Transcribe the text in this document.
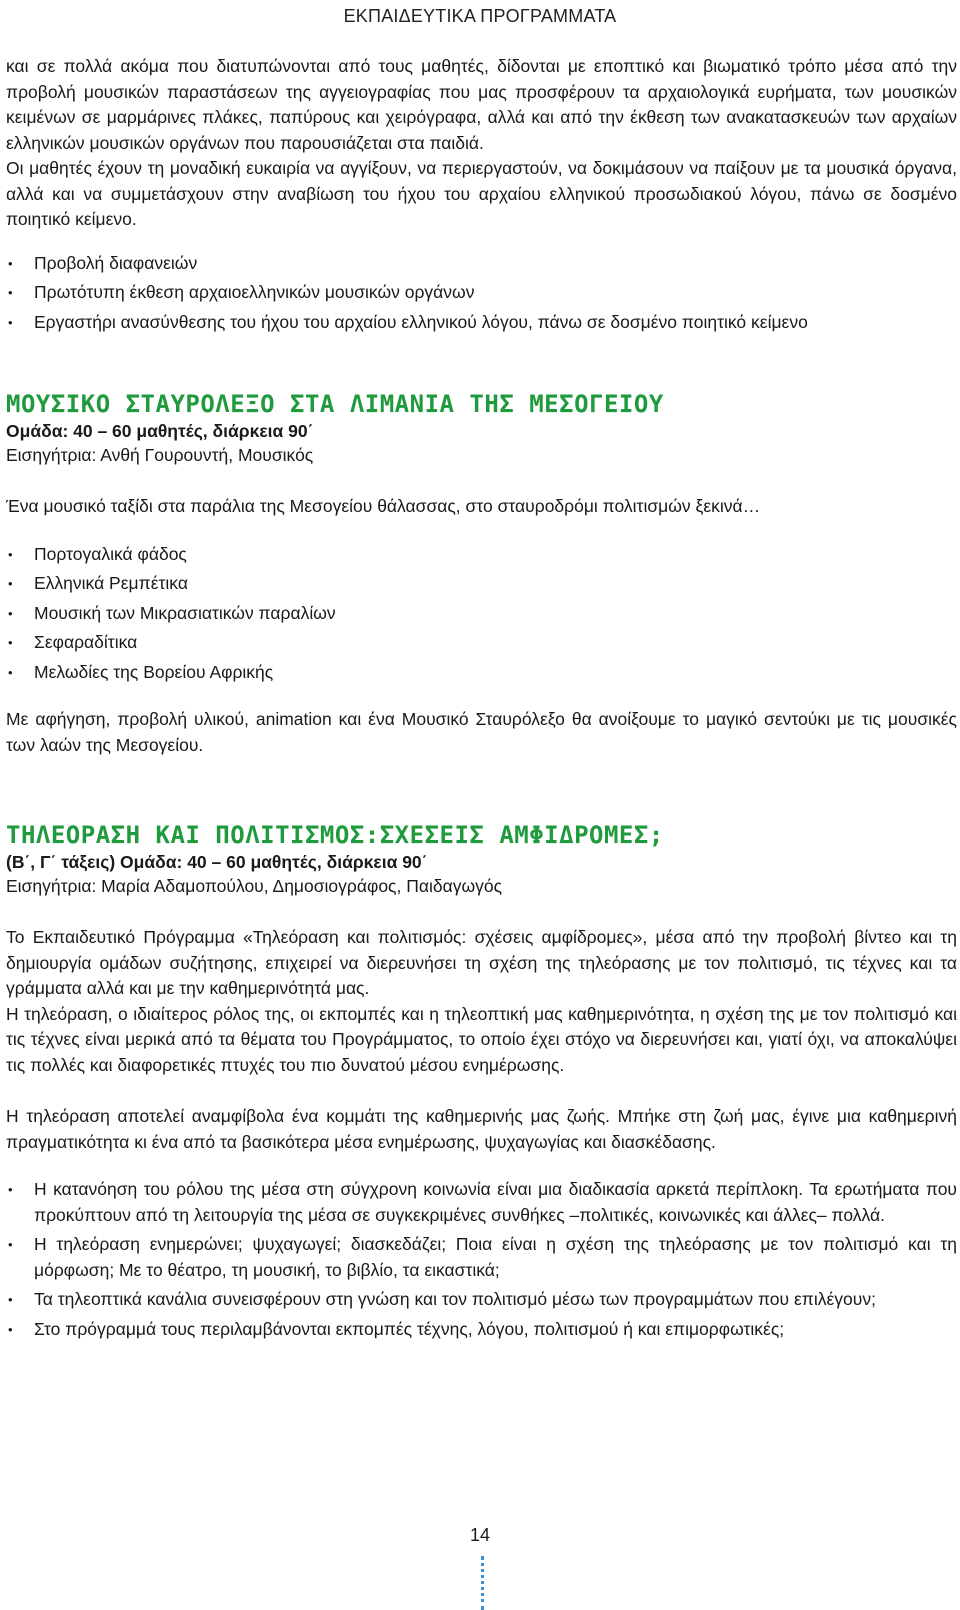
ΕΚΠΑΙΔΕΥΤΙΚΑ ΠΡΟΓΡΑΜΜΑΤΑ

και σε πολλά ακόμα που διατυπώνονται από τους μαθητές, δίδονται με εποπτικό και βιωματικό τρόπο μέσα από την προβολή μουσικών παραστάσεων της αγγειογραφίας που μας προσφέρουν τα αρχαιολογικά ευρήματα, των μουσικών κειμένων σε μαρμάρινες πλάκες, παπύρους και χειρόγραφα, αλλά και από την έκθεση των ανακατασκευών των αρχαίων ελληνικών μουσικών οργάνων που παρουσιάζεται στα παιδιά.

Οι μαθητές έχουν τη μοναδική ευκαιρία να αγγίξουν, να περιεργαστούν, να δοκιμάσουν να παίξουν με τα μουσικά όργανα, αλλά και να συμμετάσχουν στην αναβίωση του ήχου του αρχαίου ελληνικού προσωδιακού λόγου, πάνω σε δοσμένο ποιητικό κείμενο.

• Προβολή διαφανειών
• Πρωτότυπη έκθεση αρχαιοελληνικών μουσικών οργάνων
• Εργαστήρι ανασύνθεσης του ήχου του αρχαίου ελληνικού λόγου, πάνω σε δοσμένο ποιητικό κείμενο
ΜΟΥΣΙΚΟ ΣΤΑΥΡΟΛΕΞΟ ΣΤΑ ΛΙΜΑΝΙΑ ΤΗΣ ΜΕΣΟΓΕΙΟΥ
Ομάδα: 40 – 60 μαθητές, διάρκεια 90΄
Εισηγήτρια: Ανθή Γουρουντή, Μουσικός

Ένα μουσικό ταξίδι στα παράλια της Μεσογείου θάλασσας, στο σταυροδρόμι πολιτισμών ξεκινά…

• Πορτογαλικά φάδος
• Ελληνικά Ρεμπέτικα
• Μουσική των Μικρασιατικών παραλίων
• Σεφαραδίτικα
• Μελωδίες της Βορείου Αφρικής

Με αφήγηση, προβολή υλικού, animation και ένα Μουσικό Σταυρόλεξο θα ανοίξουμε το μαγικό σεντούκι με τις μουσικές των λαών της Μεσογείου.

ΤΗΛΕΟΡΑΣΗ ΚΑΙ ΠΟΛΙΤΙΣΜΟΣ:ΣΧΕΣΕΙΣ ΑΜΦΙΔΡΟΜΕΣ;
(Β΄, Γ΄ τάξεις) Ομάδα: 40 – 60 μαθητές, διάρκεια 90΄
Εισηγήτρια: Μαρία Αδαμοπούλου, Δημοσιογράφος, Παιδαγωγός

Το Εκπαιδευτικό Πρόγραμμα «Τηλεόραση και πολιτισμός: σχέσεις αμφίδρομες», μέσα από την προβολή βίντεο και τη δημιουργία ομάδων συζήτησης, επιχειρεί να διερευνήσει τη σχέση της τηλεόρασης με τον πολιτισμό, τις τέχνες και τα γράμματα αλλά και με την καθημερινότητά μας.

Η τηλεόραση, ο ιδιαίτερος ρόλος της, οι εκπομπές και η τηλεοπτική μας καθημερινότητα, η σχέση της με τον πολιτισμό και τις τέχνες είναι μερικά από τα θέματα του Προγράμματος, το οποίο έχει στόχο να διερευνήσει και, γιατί όχι, να αποκαλύψει τις πολλές και διαφορετικές πτυχές του πιο δυνατού μέσου ενημέρωσης.

Η τηλεόραση αποτελεί αναμφίβολα ένα κομμάτι της καθημερινής μας ζωής. Μπήκε στη ζωή μας, έγινε μια καθημερινή πραγματικότητα κι ένα από τα βασικότερα μέσα ενημέρωσης, ψυχαγωγίας και διασκέδασης.

• Η κατανόηση του ρόλου της μέσα στη σύγχρονη κοινωνία είναι μια διαδικασία αρκετά περίπλοκη. Τα ερωτήματα που προκύπτουν από τη λειτουργία της μέσα σε συγκεκριμένες συνθήκες –πολιτικές, κοινωνικές και άλλες– πολλά.
• Η τηλεόραση ενημερώνει; ψυχαγωγεί; διασκεδάζει; Ποια είναι η σχέση της τηλεόρασης με τον πολιτισμό και τη μόρφωση; Με το θέατρο, τη μουσική, το βιβλίο, τα εικαστικά;
• Τα τηλεοπτικά κανάλια συνεισφέρουν στη γνώση και τον πολιτισμό μέσω των προγραμμάτων που επιλέγουν;
• Στο πρόγραμμά τους περιλαμβάνονται εκπομπές τέχνης, λόγου, πολιτισμού ή και επιμορφωτικές;
14
